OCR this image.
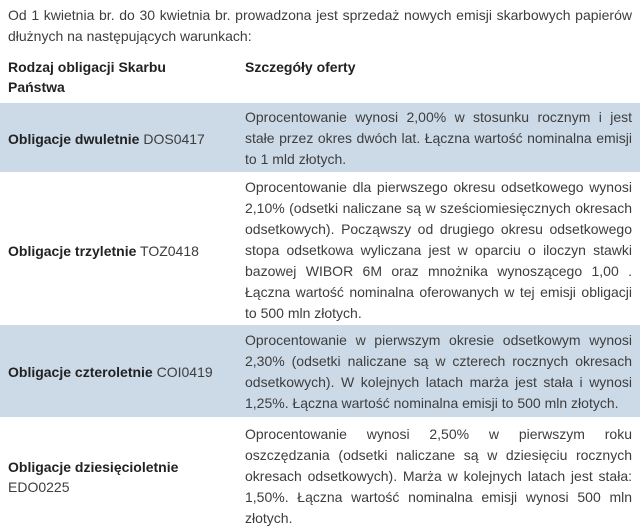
Od 1 kwietnia br. do 30 kwietnia br. prowadzona jest sprzedaż nowych emisji skarbowych papierów dłużnych na następujących warunkach:

Rodzaj obligacji Skarbu Państwa
Szczegóły oferty
Obligacje dwuletnie DOS0417
Oprocentowanie wynosi 2,00% w stosunku rocznym i jest stałe przez okres dwóch lat. Łączna wartość nominalna emisji to 1 mld złotych.
Obligacje trzyletnie TOZ0418
Oprocentowanie dla pierwszego okresu odsetkowego wynosi 2,10% (odsetki naliczane są w sześciomiesięcznych okresach odsetkowych). Począwszy od drugiego okresu odsetkowego stopa odsetkowa wyliczana jest w oparciu o iloczyn stawki bazowej WIBOR 6M oraz mnożnika wynoszącego 1,00 . Łączna wartość nominalna oferowanych w tej emisji obligacji to 500 mln złotych.
Obligacje czteroletnie COI0419
Oprocentowanie w pierwszym okresie odsetkowym wynosi 2,30% (odsetki naliczane są w czterech rocznych okresach odsetkowych). W kolejnych latach marża jest stała i wynosi 1,25%. Łączna wartość nominalna emisji to 500 mln złotych.
Obligacje dziesięcioletnie EDO0225
Oprocentowanie wynosi 2,50% w pierwszym roku oszczędzania (odsetki naliczane są w dziesięciu rocznych okresach odsetkowych). Marża w kolejnych latach jest stała: 1,50%. Łączna wartość nominalna emisji wynosi 500 mln złotych.
